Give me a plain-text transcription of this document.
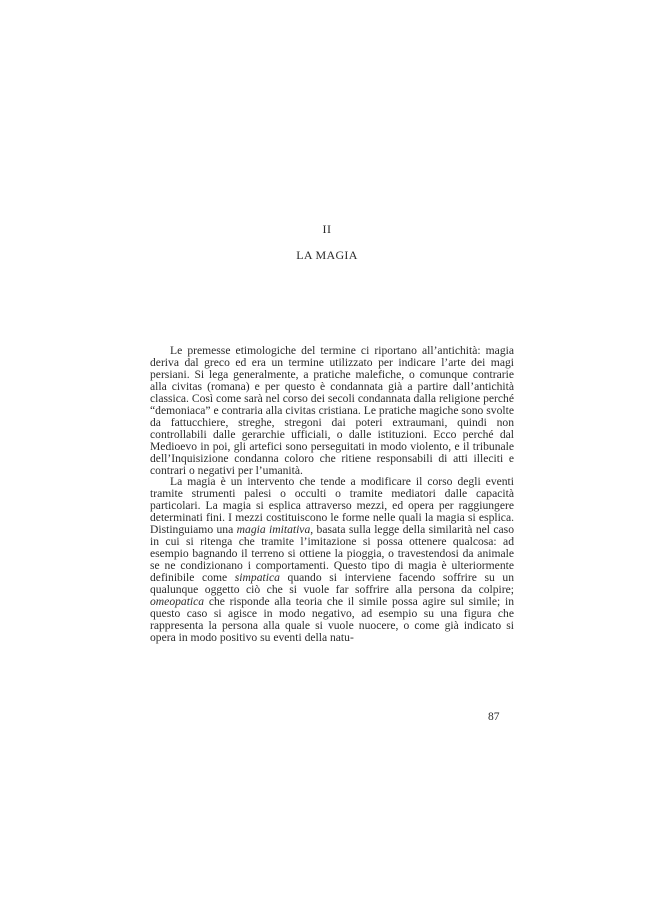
II
LA MAGIA

Le premesse etimologiche del termine ci riportano all’antichità: magia deriva dal greco ed era un termine utilizzato per indicare l’arte dei magi persiani. Si lega generalmente, a pratiche malefiche, o comunque contrarie alla civitas (romana) e per questo è condannata già a partire dall’antichità classica. Così come sarà nel corso dei secoli condannata dalla religione perché “demoniaca” e contraria alla civitas cristiana. Le pratiche magiche sono svolte da fattucchiere, streghe, stregoni dai poteri extraumani, quindi non controllabili dalle gerarchie ufficiali, o dalle istituzioni. Ecco perché dal Medioevo in poi, gli artefici sono perseguitati in modo violento, e il tribunale dell’Inquisizione condanna coloro che ritiene responsabili di atti illeciti e contrari o negativi per l’umanità.

La magia è un intervento che tende a modificare il corso degli eventi tramite strumenti palesi o occulti o tramite mediatori dalle capacità particolari. La magia si esplica attraverso mezzi, ed opera per raggiungere determinati fini. I mezzi costituiscono le forme nelle quali la magia si esplica. Distinguiamo una magia imitativa, basata sulla legge della similarità nel caso in cui si ritenga che tramite l’imitazione si possa ottenere qualcosa: ad esempio bagnando il terreno si ottiene la pioggia, o travestendosi da animale se ne condizionano i comportamenti. Questo tipo di magia è ulteriormente definibile come simpatica quando si interviene facendo soffrire su un qualunque oggetto ciò che si vuole far soffrire alla persona da colpire; omeopatica che risponde alla teoria che il simile possa agire sul simile; in questo caso si agisce in modo negativo, ad esempio su una figura che rappresenta la persona alla quale si vuole nuocere, o come già indicato si opera in modo positivo su eventi della natu-

87
